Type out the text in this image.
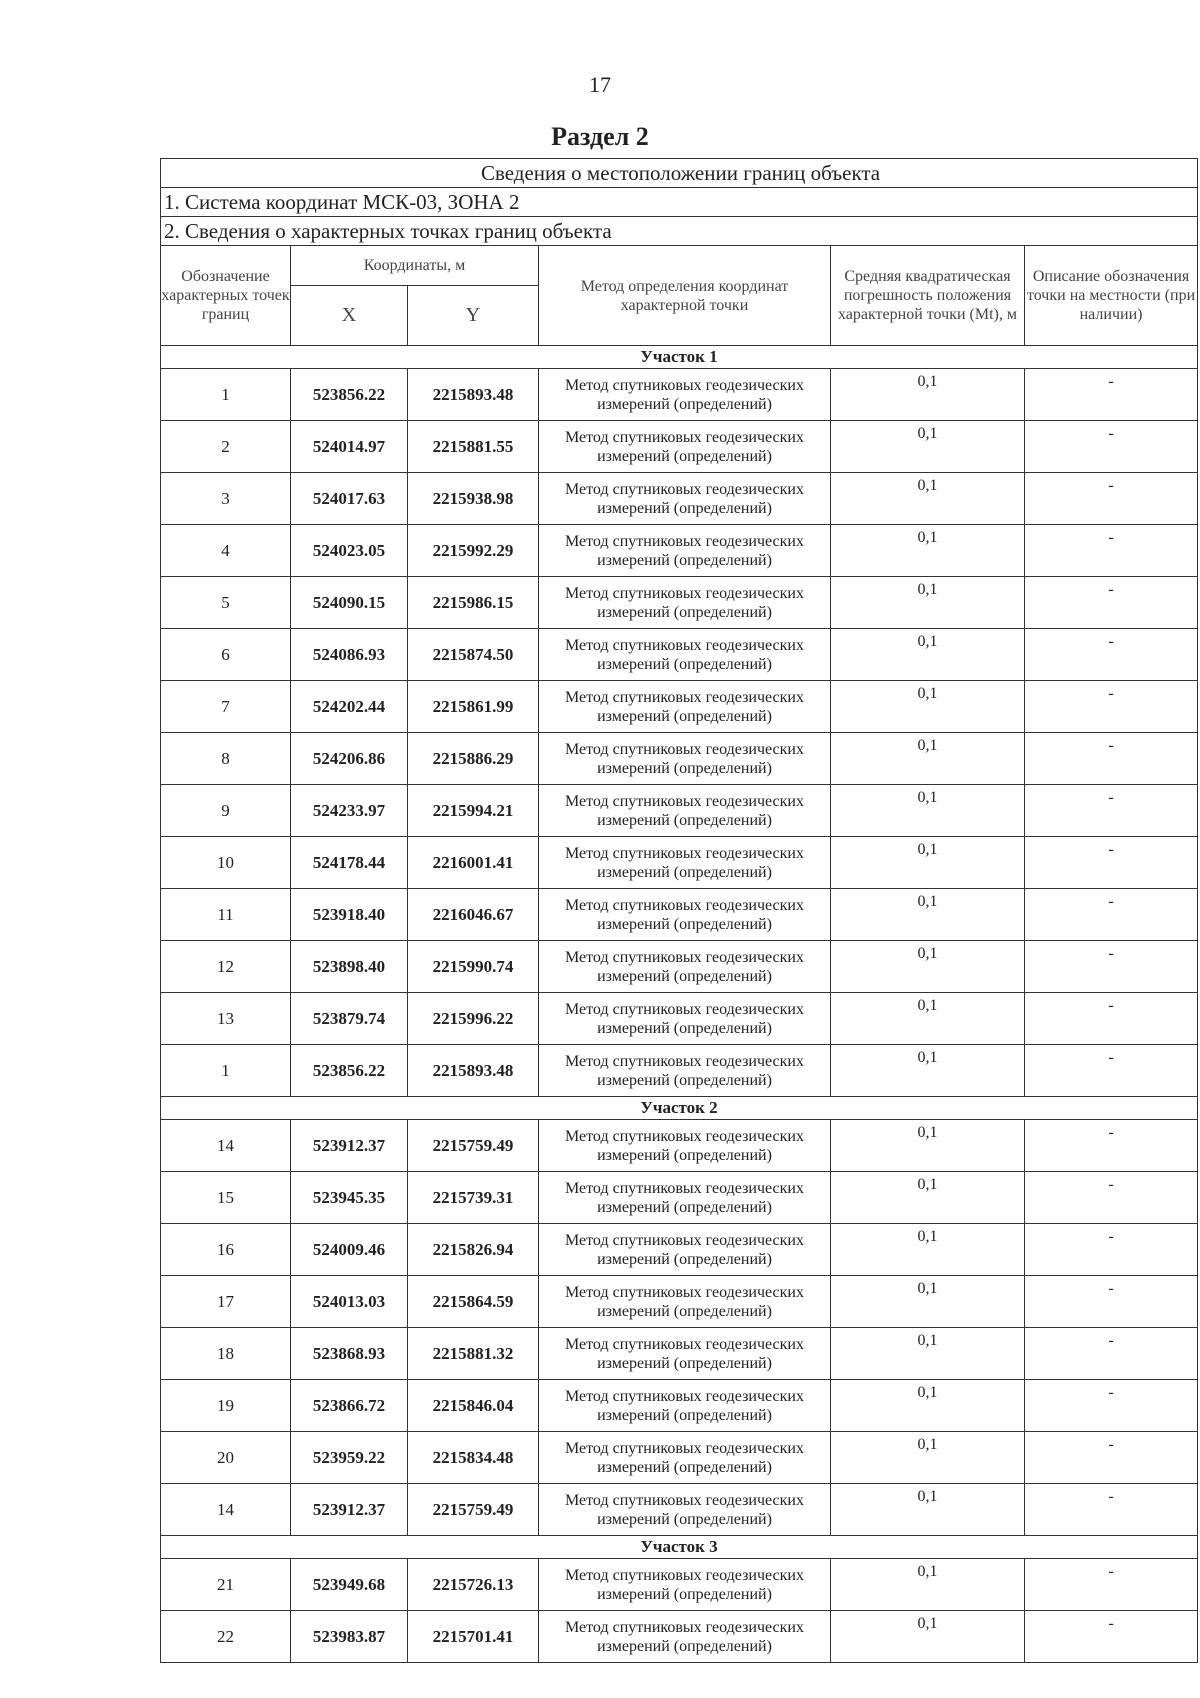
17
Раздел 2
Сведения о местоположении границ объекта					
1. Система координат МСК-03, ЗОНА 2					
2. Сведения о характерных точках границ объекта					
Обозначение характерных точек границ	Координаты, м		Метод определения координат характерной точки	Средняя квадратическая погрешность положения характерной точки (Mt), м	Описание обозначения точки на местности (при наличии)
	X	Y			
Участок 1					
1	523856.22	2215893.48	Метод спутниковых геодезических измерений (определений)	0,1	-
2	524014.97	2215881.55	Метод спутниковых геодезических измерений (определений)	0,1	-
3	524017.63	2215938.98	Метод спутниковых геодезических измерений (определений)	0,1	-
4	524023.05	2215992.29	Метод спутниковых геодезических измерений (определений)	0,1	-
5	524090.15	2215986.15	Метод спутниковых геодезических измерений (определений)	0,1	-
6	524086.93	2215874.50	Метод спутниковых геодезических измерений (определений)	0,1	-
7	524202.44	2215861.99	Метод спутниковых геодезических измерений (определений)	0,1	-
8	524206.86	2215886.29	Метод спутниковых геодезических измерений (определений)	0,1	-
9	524233.97	2215994.21	Метод спутниковых геодезических измерений (определений)	0,1	-
10	524178.44	2216001.41	Метод спутниковых геодезических измерений (определений)	0,1	-
11	523918.40	2216046.67	Метод спутниковых геодезических измерений (определений)	0,1	-
12	523898.40	2215990.74	Метод спутниковых геодезических измерений (определений)	0,1	-
13	523879.74	2215996.22	Метод спутниковых геодезических измерений (определений)	0,1	-
1	523856.22	2215893.48	Метод спутниковых геодезических измерений (определений)	0,1	-
Участок 2					
14	523912.37	2215759.49	Метод спутниковых геодезических измерений (определений)	0,1	-
15	523945.35	2215739.31	Метод спутниковых геодезических измерений (определений)	0,1	-
16	524009.46	2215826.94	Метод спутниковых геодезических измерений (определений)	0,1	-
17	524013.03	2215864.59	Метод спутниковых геодезических измерений (определений)	0,1	-
18	523868.93	2215881.32	Метод спутниковых геодезических измерений (определений)	0,1	-
19	523866.72	2215846.04	Метод спутниковых геодезических измерений (определений)	0,1	-
20	523959.22	2215834.48	Метод спутниковых геодезических измерений (определений)	0,1	-
14	523912.37	2215759.49	Метод спутниковых геодезических измерений (определений)	0,1	-
Участок 3					
21	523949.68	2215726.13	Метод спутниковых геодезических измерений (определений)	0,1	-
22	523983.87	2215701.41	Метод спутниковых геодезических измерений (определений)	0,1	-
